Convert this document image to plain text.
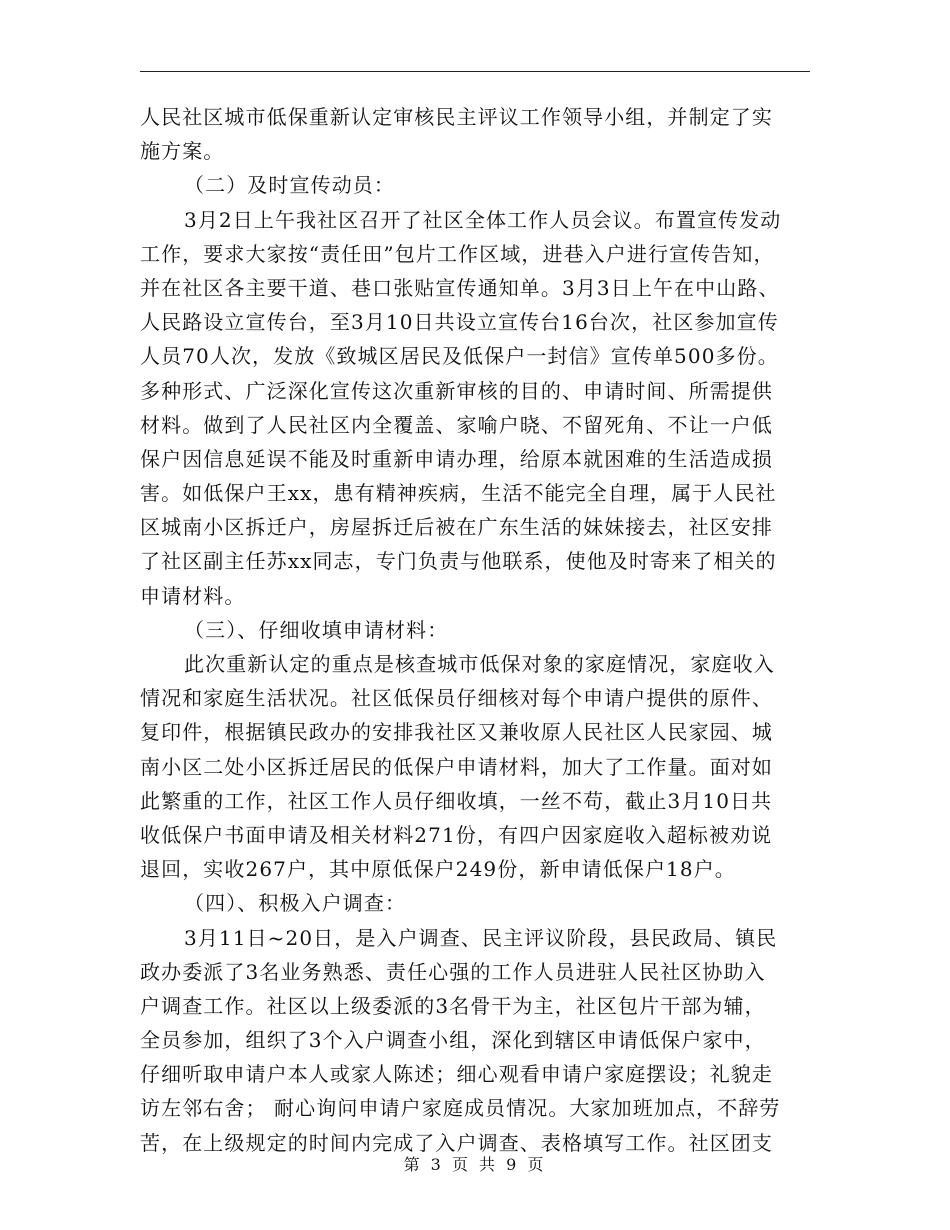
人民社区城市低保重新认定审核民主评议工作领导小组，并制定了实
施方案。
（二）及时宣传动员：
3月2日上午我社区召开了社区全体工作人员会议。布置宣传发动
工作，要求大家按“责任田”包片工作区域，进巷入户进行宣传告知，
并在社区各主要干道、巷口张贴宣传通知单。3月3日上午在中山路、
人民路设立宣传台，至3月10日共设立宣传台16台次，社区参加宣传
人员70人次，发放《致城区居民及低保户一封信》宣传单500多份。
多种形式、广泛深化宣传这次重新审核的目的、申请时间、所需提供
材料。做到了人民社区内全覆盖、家喻户晓、不留死角、不让一户低
保户因信息延误不能及时重新申请办理，给原本就困难的生活造成损
害。如低保户王xx，患有精神疾病，生活不能完全自理，属于人民社
区城南小区拆迁户，房屋拆迁后被在广东生活的妹妹接去，社区安排
了社区副主任苏xx同志，专门负责与他联系，使他及时寄来了相关的
申请材料。
（三）、仔细收填申请材料：
此次重新认定的重点是核查城市低保对象的家庭情况，家庭收入
情况和家庭生活状况。社区低保员仔细核对每个申请户提供的原件、
复印件，根据镇民政办的安排我社区又兼收原人民社区人民家园、城
南小区二处小区拆迁居民的低保户申请材料，加大了工作量。面对如
此繁重的工作，社区工作人员仔细收填，一丝不苟，截止3月10日共
收低保户书面申请及相关材料271份，有四户因家庭收入超标被劝说
退回，实收267户，其中原低保户249份，新申请低保户18户。
（四）、积极入户调查：
3月11日~20日，是入户调查、民主评议阶段，县民政局、镇民
政办委派了3名业务熟悉、责任心强的工作人员进驻人民社区协助入
户调查工作。社区以上级委派的3名骨干为主，社区包片干部为辅，
全员参加，组织了3个入户调查小组，深化到辖区申请低保户家中，
仔细听取申请户本人或家人陈述；细心观看申请户家庭摆设；礼貌走
访左邻右舍； 耐心询问申请户家庭成员情况。大家加班加点，不辞劳
苦，在上级规定的时间内完成了入户调查、表格填写工作。社区团支
第 3 页 共 9 页
